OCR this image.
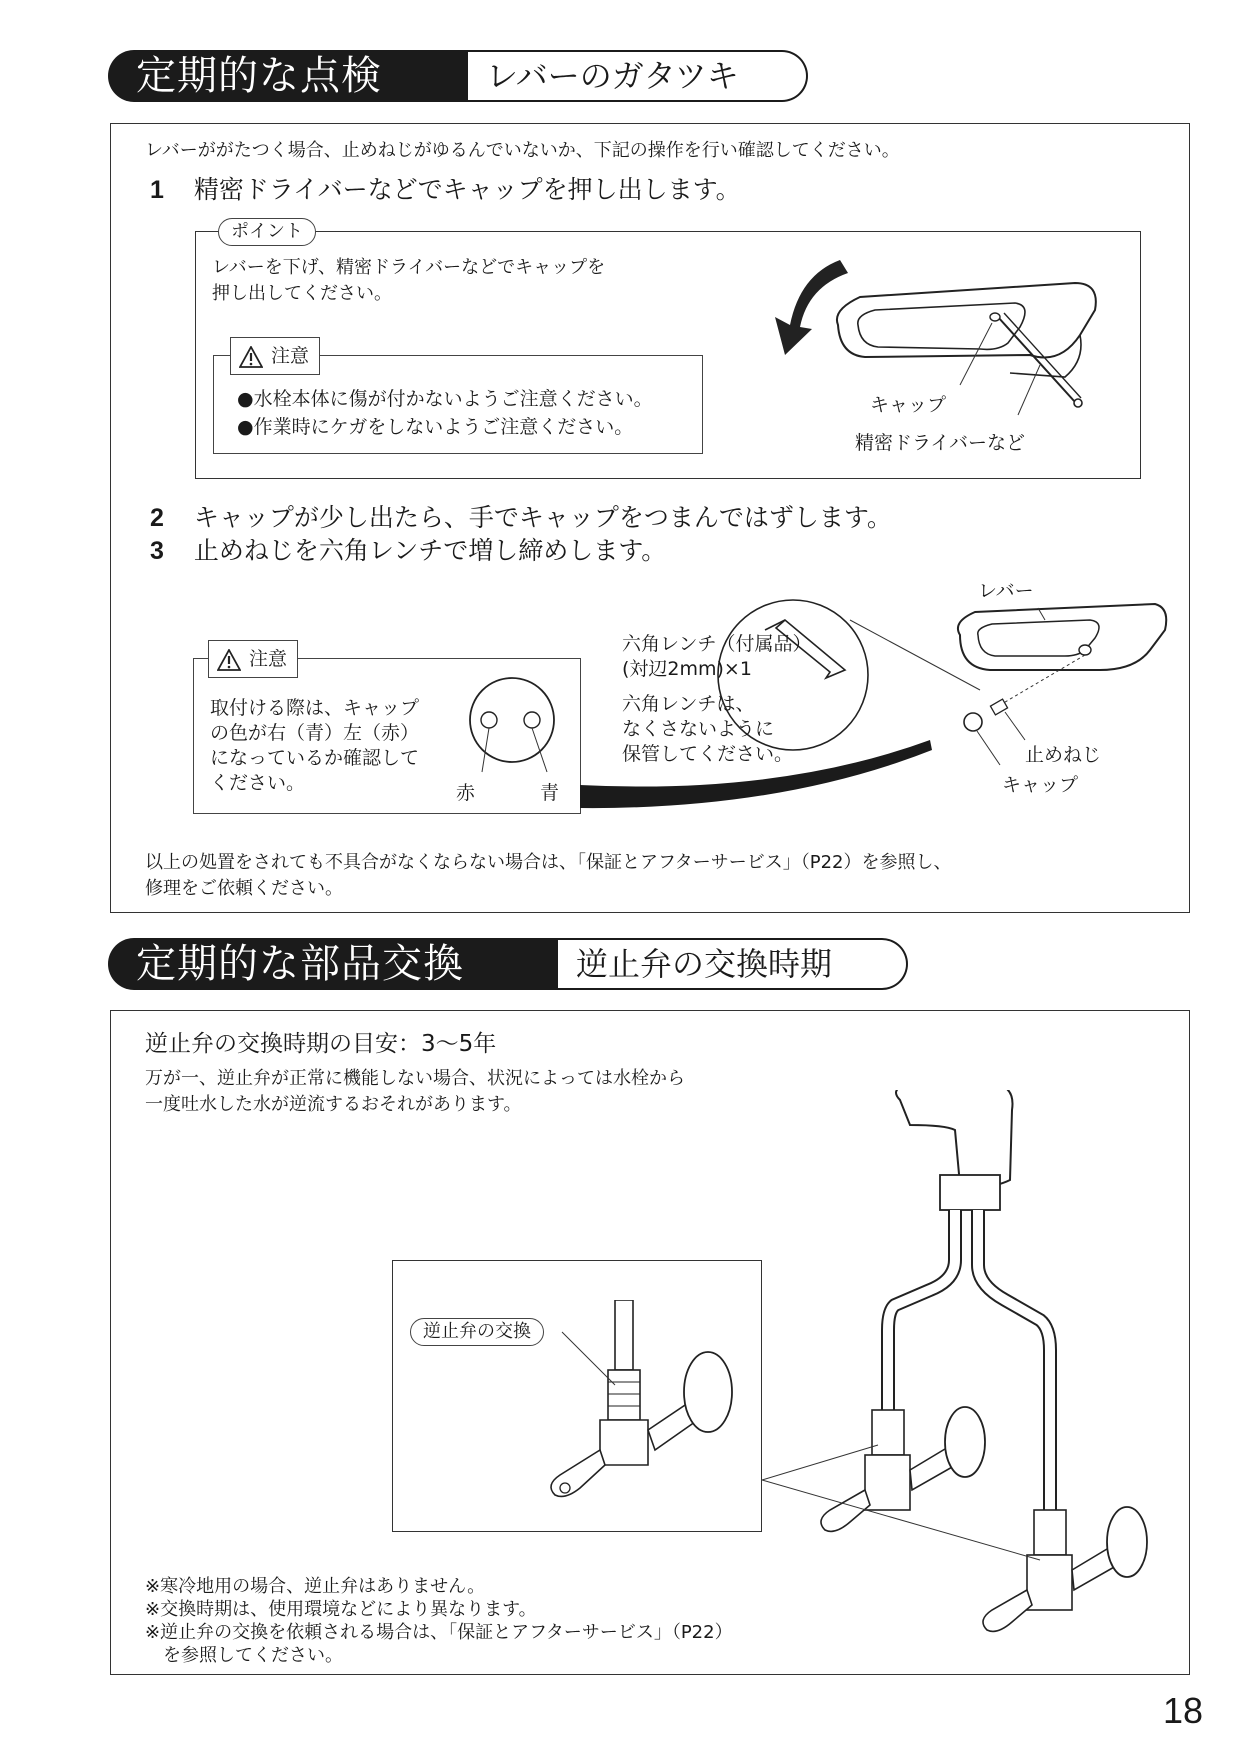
定期的な点検	レバーのガタツキ
レバーががたつく場合、止めねじがゆるんでいないか、下記の操作を行い確認してください。
1 精密ドライバーなどでキャップを押し出します。
ポイント
レバーを下げ、精密ドライバーなどでキャップを
押し出してください。
注意
●水栓本体に傷が付かないようご注意ください。
●作業時にケガをしないようご注意ください。
キャップ
精密ドライバーなど
2 キャップが少し出たら、手でキャップをつまんではずします。
3 止めねじを六角レンチで増し締めします。
注意
取付ける際は、キャップ
の色が右（青）左（赤）
になっているか確認して
ください。	赤	青
レバー
六角レンチ（付属品）
(対辺2mm)×1
六角レンチは、
なくさないように
保管してください。	止めねじ
キャップ
以上の処置をされても不具合がなくならない場合は、「保証とアフターサービス」（P22）を参照し、
修理をご依頼ください。
定期的な部品交換	逆止弁の交換時期
逆止弁の交換時期の目安：3〜5年
万が一、逆止弁が正常に機能しない場合、状況によっては水栓から
一度吐水した水が逆流するおそれがあります。
逆止弁の交換
※寒冷地用の場合、逆止弁はありません。
※交換時期は、使用環境などにより異なります。
※逆止弁の交換を依頼される場合は、「保証とアフターサービス」（P22）
　を参照してください。
18
